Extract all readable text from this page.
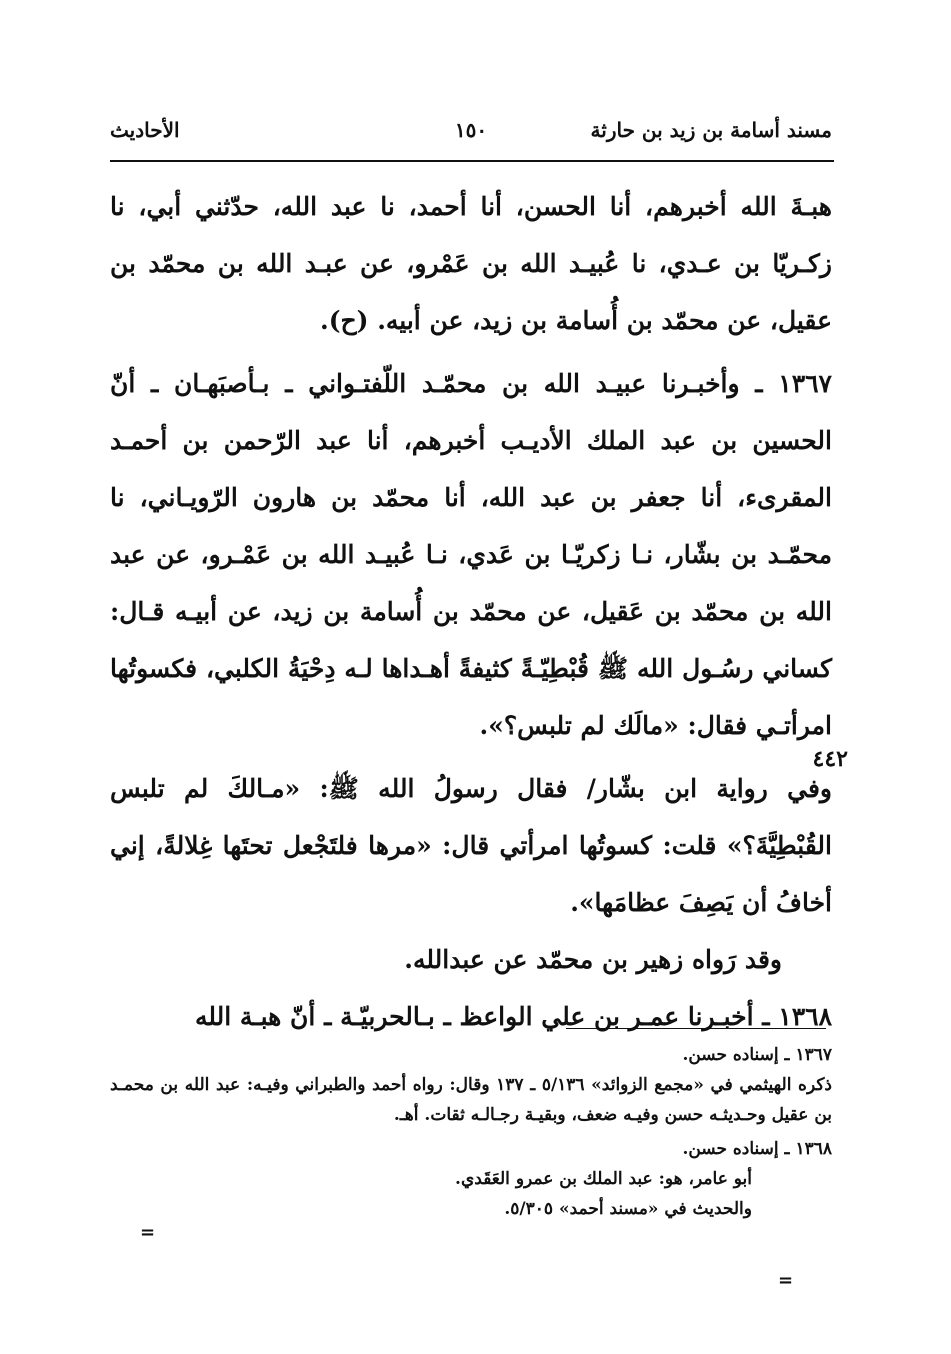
مسند أسامة بن زيد بن حارثة
١٥٠
الأحاديث

هبـةَ الله أخبرهم، أنا الحسن، أنا أحمد، نا عبد الله، حدّثني أبي، نا زكـريّا بن عـدي، نا عُبيـد الله بن عَمْرو، عن عبـد الله بن محمّد بن عقيل، عن محمّد بن أُسامة بن زيد، عن أبيه. (ح).

١٣٦٧ ـ وأخبـرنا عبيـد الله بن محمّـد اللّفتـواني ـ بـأصبَهـان ـ أنّ الحسين بن عبد الملك الأديـب أخبرهم، أنا عبد الرّحمن بن أحمـد المقرىء، أنا جعفر بن عبد الله، أنا محمّد بن هارون الرّويـاني، نا محمّـد بن بشّار، نـا زكريّـا بن عَدي، نـا عُبيـد الله بن عَمْـرو، عن عبد الله بن محمّد بن عَقيل، عن محمّد بن أُسامة بن زيد، عن أبيـه قـال: كساني رسُـول الله ﷺ قُبْطِيّـةً كثيفةً أهـداها لـه دِحْيَةُ الكلبي، فكسوتُها امرأتـي فقال: «مالَك لم تلبس؟».

وفي رواية ابن بشّار/ فقال رسولُ الله ﷺ: «مـالكَ لم تلبس القُبْطِيَّةَ؟» قلت: كسوتُها امرأتي قال: «مرها فلتَجْعل تحتَها غِلالةً، إني أخافُ أن يَصِفَ عظامَها».

وقد رَواه زهير بن محمّد عن عبدالله.

١٣٦٨ ـ أخبـرنا عمـر بن علي الواعظ ـ بـالحربيّـة ـ أنّ هبـة الله

٤٤٢

١٣٦٧ ـ إسناده حسن.

ذكره الهيثمي في «مجمع الزوائد» ٥/١٣٦ ـ ١٣٧ وقال: رواه أحمد والطبراني وفيـه: عبد الله بن محمـد بن عقيل وحـديثـه حسن وفيـه ضعف، وبقيـة رجـالـه ثقات. أهـ.

١٣٦٨ ـ إسناده حسن.

أبو عامر، هو: عبد الملك بن عمرو العَقَدي.

والحديث في «مسند أحمد» ٥/٣٠٥.

=
=
